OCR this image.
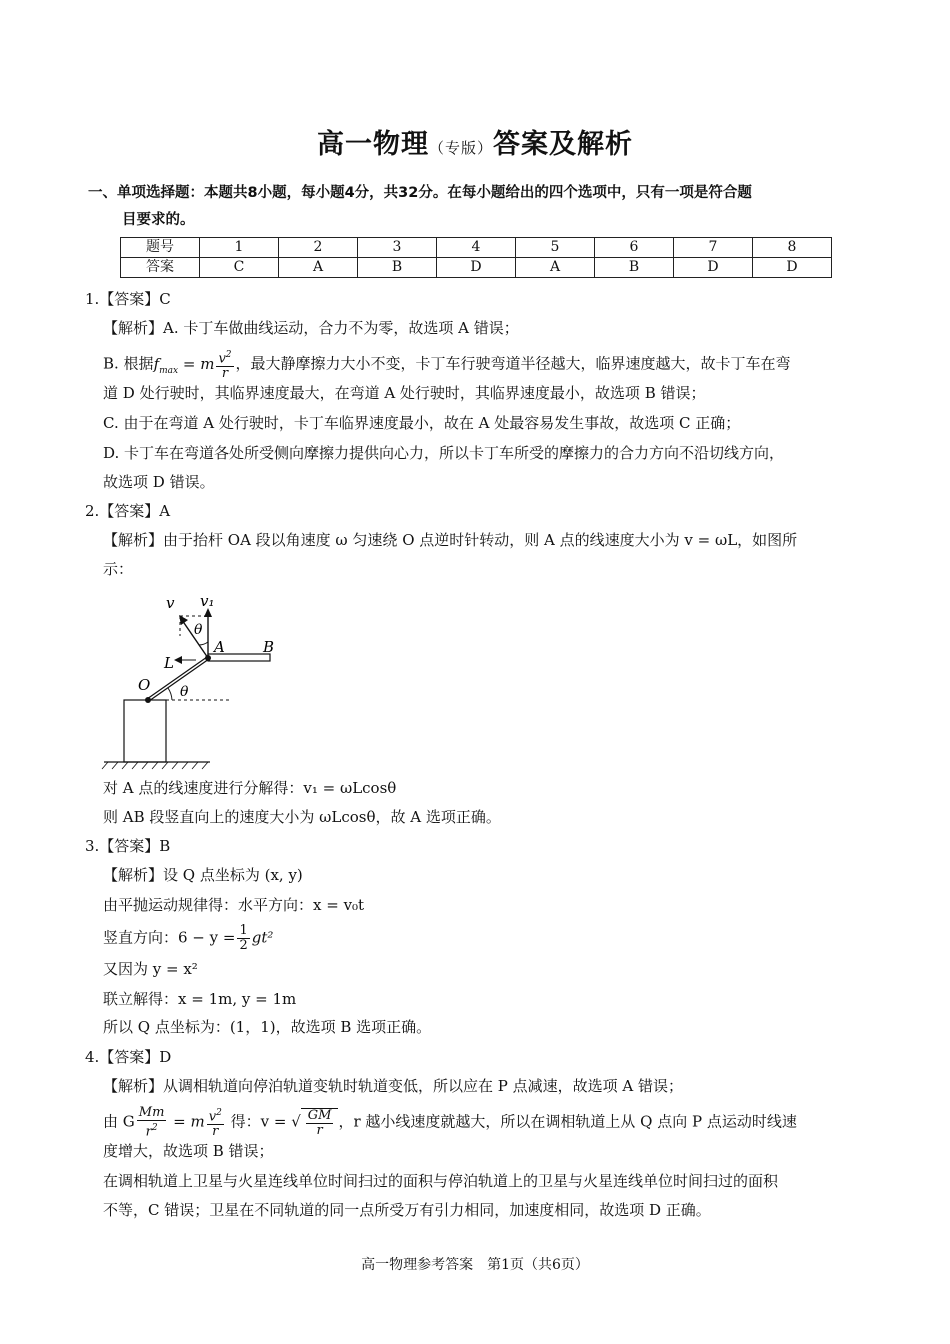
高一物理（专版）答案及解析
一、单项选择题：本题共8小题，每小题4分，共32分。在每小题给出的四个选项中，只有一项是符合题
目要求的。
题号	1	2	3	4	5	6	7	8
答案	C	A	B	D	A	B	D	D
1.【答案】C
【解析】A. 卡丁车做曲线运动，合力不为零，故选项 A 错误；
B. 根据$f_{max} = m \frac{v^2}{r}$ ，最大静摩擦力大小不变，卡丁车行驶弯道半径越大，临界速度越大，故卡丁车在弯
道 D 处行驶时，其临界速度最大，在弯道 A 处行驶时，其临界速度最小，故选项 B 错误；
C. 由于在弯道 A 处行驶时，卡丁车临界速度最小，故在 A 处最容易发生事故，故选项 C 正确；
D. 卡丁车在弯道各处所受侧向摩擦力提供向心力，所以卡丁车所受的摩擦力的合力方向不沿切线方向，
故选项 D 错误。
2.【答案】A
【解析】由于抬杆 OA 段以角速度 ω 匀速绕 O 点逆时针转动，则 A 点的线速度大小为 v = ωL，如图所
示：
v v₁
θ
A	B
L
O θ
对 A 点的线速度进行分解得：v₁ = ωLcosθ
则 AB 段竖直向上的速度大小为 ωLcosθ，故 A 选项正确。
3.【答案】B
【解析】设 Q 点坐标为 (x, y)
由平抛运动规律得：水平方向：x = v₀t
竖直方向：$6 - y = \frac{1}{2} gt^2$
又因为 y = x²
联立解得：x = 1m, y = 1m
所以 Q 点坐标为：(1，1)，故选项 B 选项正确。
4.【答案】D
【解析】从调相轨道向停泊轨道变轨时轨道变低，所以应在 P 点减速，故选项 A 错误；
由 G $\frac{Mm}{r^2} = m \frac{v^2}{r}$ 得：v = √ $\frac{GM}{r}$ ，r 越小线速度就越大，所以在调相轨道上从 Q 点向 P 点运动时线速
度增大，故选项 B 错误；
在调相轨道上卫星与火星连线单位时间扫过的面积与停泊轨道上的卫星与火星连线单位时间扫过的面积
不等，C 错误；卫星在不同轨道的同一点所受万有引力相同，加速度相同，故选项 D 正确。
高一物理参考答案　第1页（共6页）
